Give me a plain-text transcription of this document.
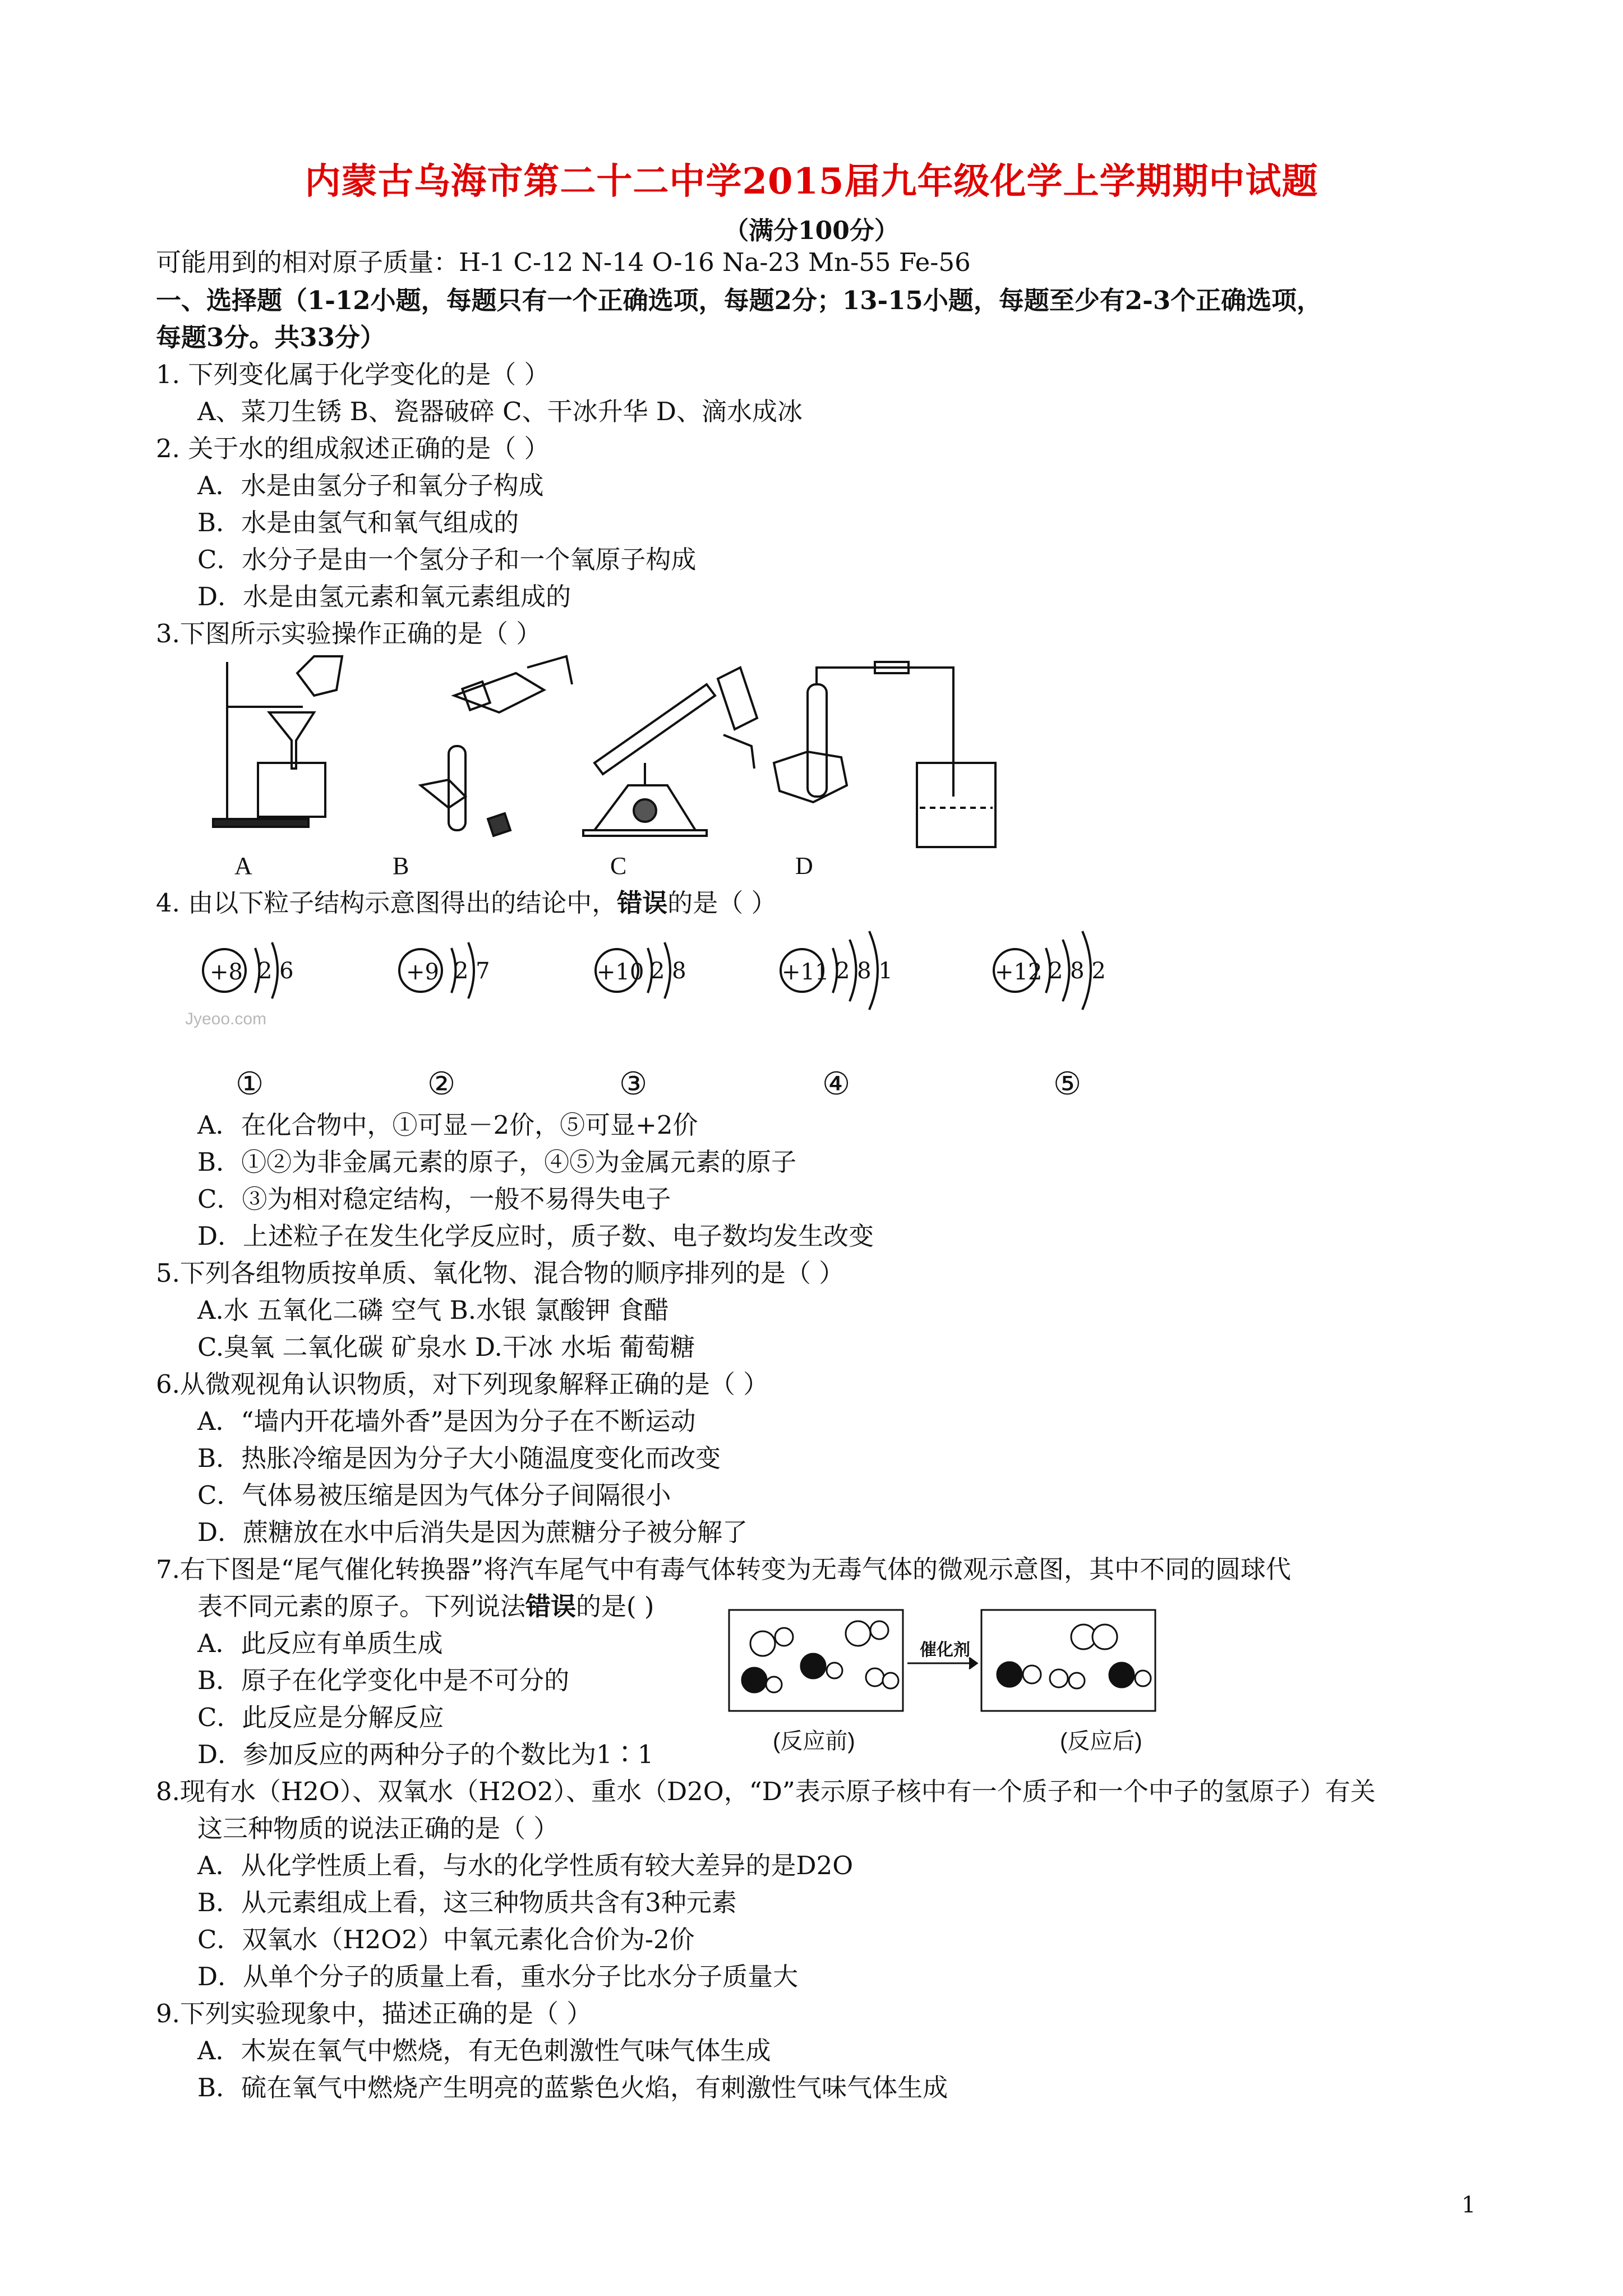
内蒙古乌海市第二十二中学2015届九年级化学上学期期中试题
（满分100分）
可能用到的相对原子质量：H-1 C-12 N-14 O-16 Na-23 Mn-55 Fe-56
一、选择题（1-12小题，每题只有一个正确选项，每题2分；13-15小题，每题至少有2-3个正确选项，
每题3分。共33分）
1. 下列变化属于化学变化的是（ ）
A、菜刀生锈 B、瓷器破碎 C、干冰升华 D、滴水成冰
2. 关于水的组成叙述正确的是（ ）
A．水是由氢分子和氧分子构成
B．水是由氢气和氧气组成的
C．水分子是由一个氢分子和一个氧原子构成
D．水是由氢元素和氧元素组成的
3.下图所示实验操作正确的是（ ）
A	B	C	D
4. 由以下粒子结构示意图得出的结论中，错误的是（ ）
+8 2 6
Jyeoo.com
+9 2 7	+10 2 8	+11 2 8 1	+12 2 8 2
①	②	③	④	⑤
A．在化合物中，①可显－2价，⑤可显+2价
B．①②为非金属元素的原子，④⑤为金属元素的原子
C．③为相对稳定结构，一般不易得失电子
D．上述粒子在发生化学反应时，质子数、电子数均发生改变
5.下列各组物质按单质、氧化物、混合物的顺序排列的是（ ）
A.水 五氧化二磷 空气 B.水银 氯酸钾 食醋
C.臭氧 二氧化碳 矿泉水 D.干冰 水垢 葡萄糖
6.从微观视角认识物质，对下列现象解释正确的是（ ）
A．“墙内开花墙外香”是因为分子在不断运动
B．热胀冷缩是因为分子大小随温度变化而改变
C．气体易被压缩是因为气体分子间隔很小
D．蔗糖放在水中后消失是因为蔗糖分子被分解了
7.右下图是“尾气催化转换器”将汽车尾气中有毒气体转变为无毒气体的微观示意图，其中不同的圆球代
表不同元素的原子。下列说法错误的是( )
A．此反应有单质生成
B．原子在化学变化中是不可分的
C．此反应是分解反应
D．参加反应的两种分子的个数比为1∶1
催化剂
(反应前)	(反应后)
8.现有水（H2O）、双氧水（H2O2）、重水（D2O，“D”表示原子核中有一个质子和一个中子的氢原子）有关
这三种物质的说法正确的是（ ）
A．从化学性质上看，与水的化学性质有较大差异的是D2O
B．从元素组成上看，这三种物质共含有3种元素
C．双氧水（H2O2）中氧元素化合价为-2价
D．从单个分子的质量上看，重水分子比水分子质量大
9.下列实验现象中，描述正确的是（ ）
A．木炭在氧气中燃烧，有无色刺激性气味气体生成
B．硫在氧气中燃烧产生明亮的蓝紫色火焰，有刺激性气味气体生成
1
